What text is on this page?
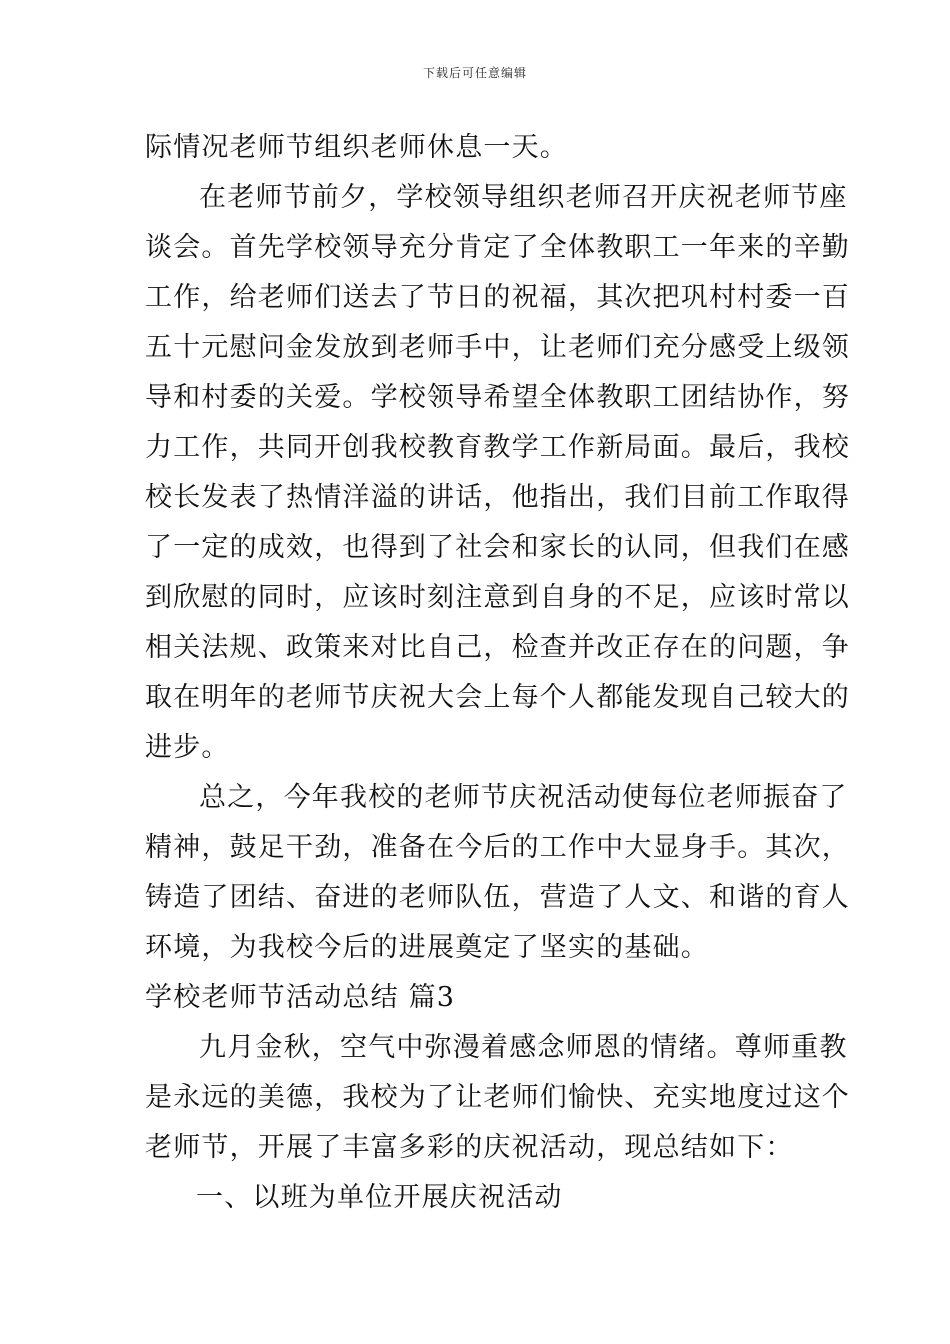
下载后可任意编辑
际情况老师节组织老师休息一天。
在老师节前夕，学校领导组织老师召开庆祝老师节座
谈会。首先学校领导充分肯定了全体教职工一年来的辛勤
工作，给老师们送去了节日的祝福，其次把巩村村委一百
五十元慰问金发放到老师手中，让老师们充分感受上级领
导和村委的关爱。学校领导希望全体教职工团结协作，努
力工作，共同开创我校教育教学工作新局面。最后，我校
校长发表了热情洋溢的讲话，他指出，我们目前工作取得
了一定的成效，也得到了社会和家长的认同，但我们在感
到欣慰的同时，应该时刻注意到自身的不足，应该时常以
相关法规、政策来对比自己，检查并改正存在的问题，争
取在明年的老师节庆祝大会上每个人都能发现自己较大的
进步。
总之，今年我校的老师节庆祝活动使每位老师振奋了
精神，鼓足干劲，准备在今后的工作中大显身手。其次，
铸造了团结、奋进的老师队伍，营造了人文、和谐的育人
环境，为我校今后的进展奠定了坚实的基础。
学校老师节活动总结 篇3
九月金秋，空气中弥漫着感念师恩的情绪。尊师重教
是永远的美德，我校为了让老师们愉快、充实地度过这个
老师节，开展了丰富多彩的庆祝活动，现总结如下：
一、以班为单位开展庆祝活动
